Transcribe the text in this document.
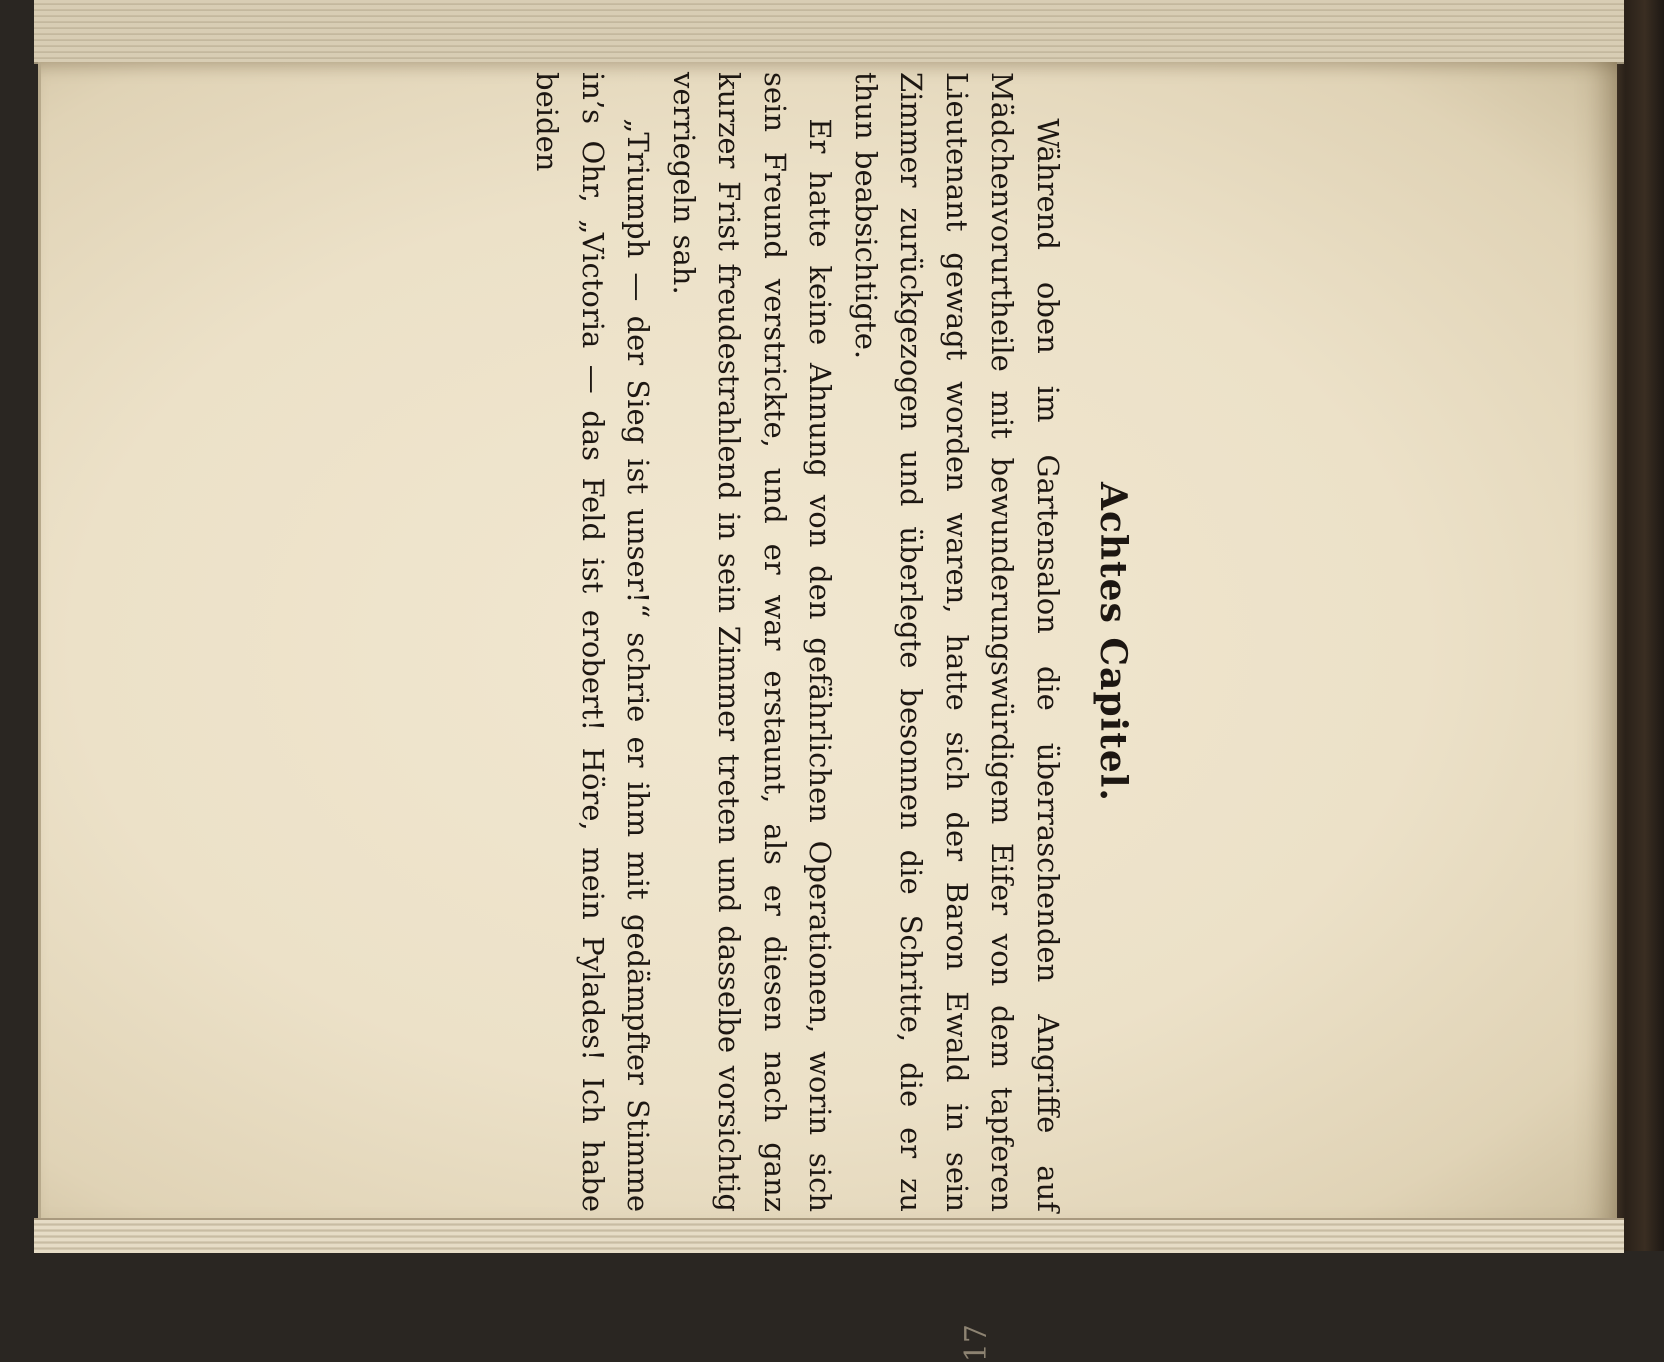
17
Achtes Capitel.

Während oben im Gartensalon die überraschenden Angriffe auf Mädchenvorurtheile mit bewunderungswürdigem Eifer von dem tapferen Lieutenant gewagt worden waren, hatte sich der Baron Ewald in sein Zimmer zurückgezogen und überlegte besonnen die Schritte, die er zu thun beabsichtigte.

Er hatte keine Ahnung von den gefährlichen Operationen, worin sich sein Freund verstrickte, und er war erstaunt, als er diesen nach ganz kurzer Frist freudestrahlend in sein Zimmer treten und dasselbe vorsichtig verriegeln sah.

„Triumph — der Sieg ist unser!“ schrie er ihm mit gedämpfter Stimme in’s Ohr, „Victoria — das Feld ist erobert! Höre, mein Pylades! Ich habe beiden
